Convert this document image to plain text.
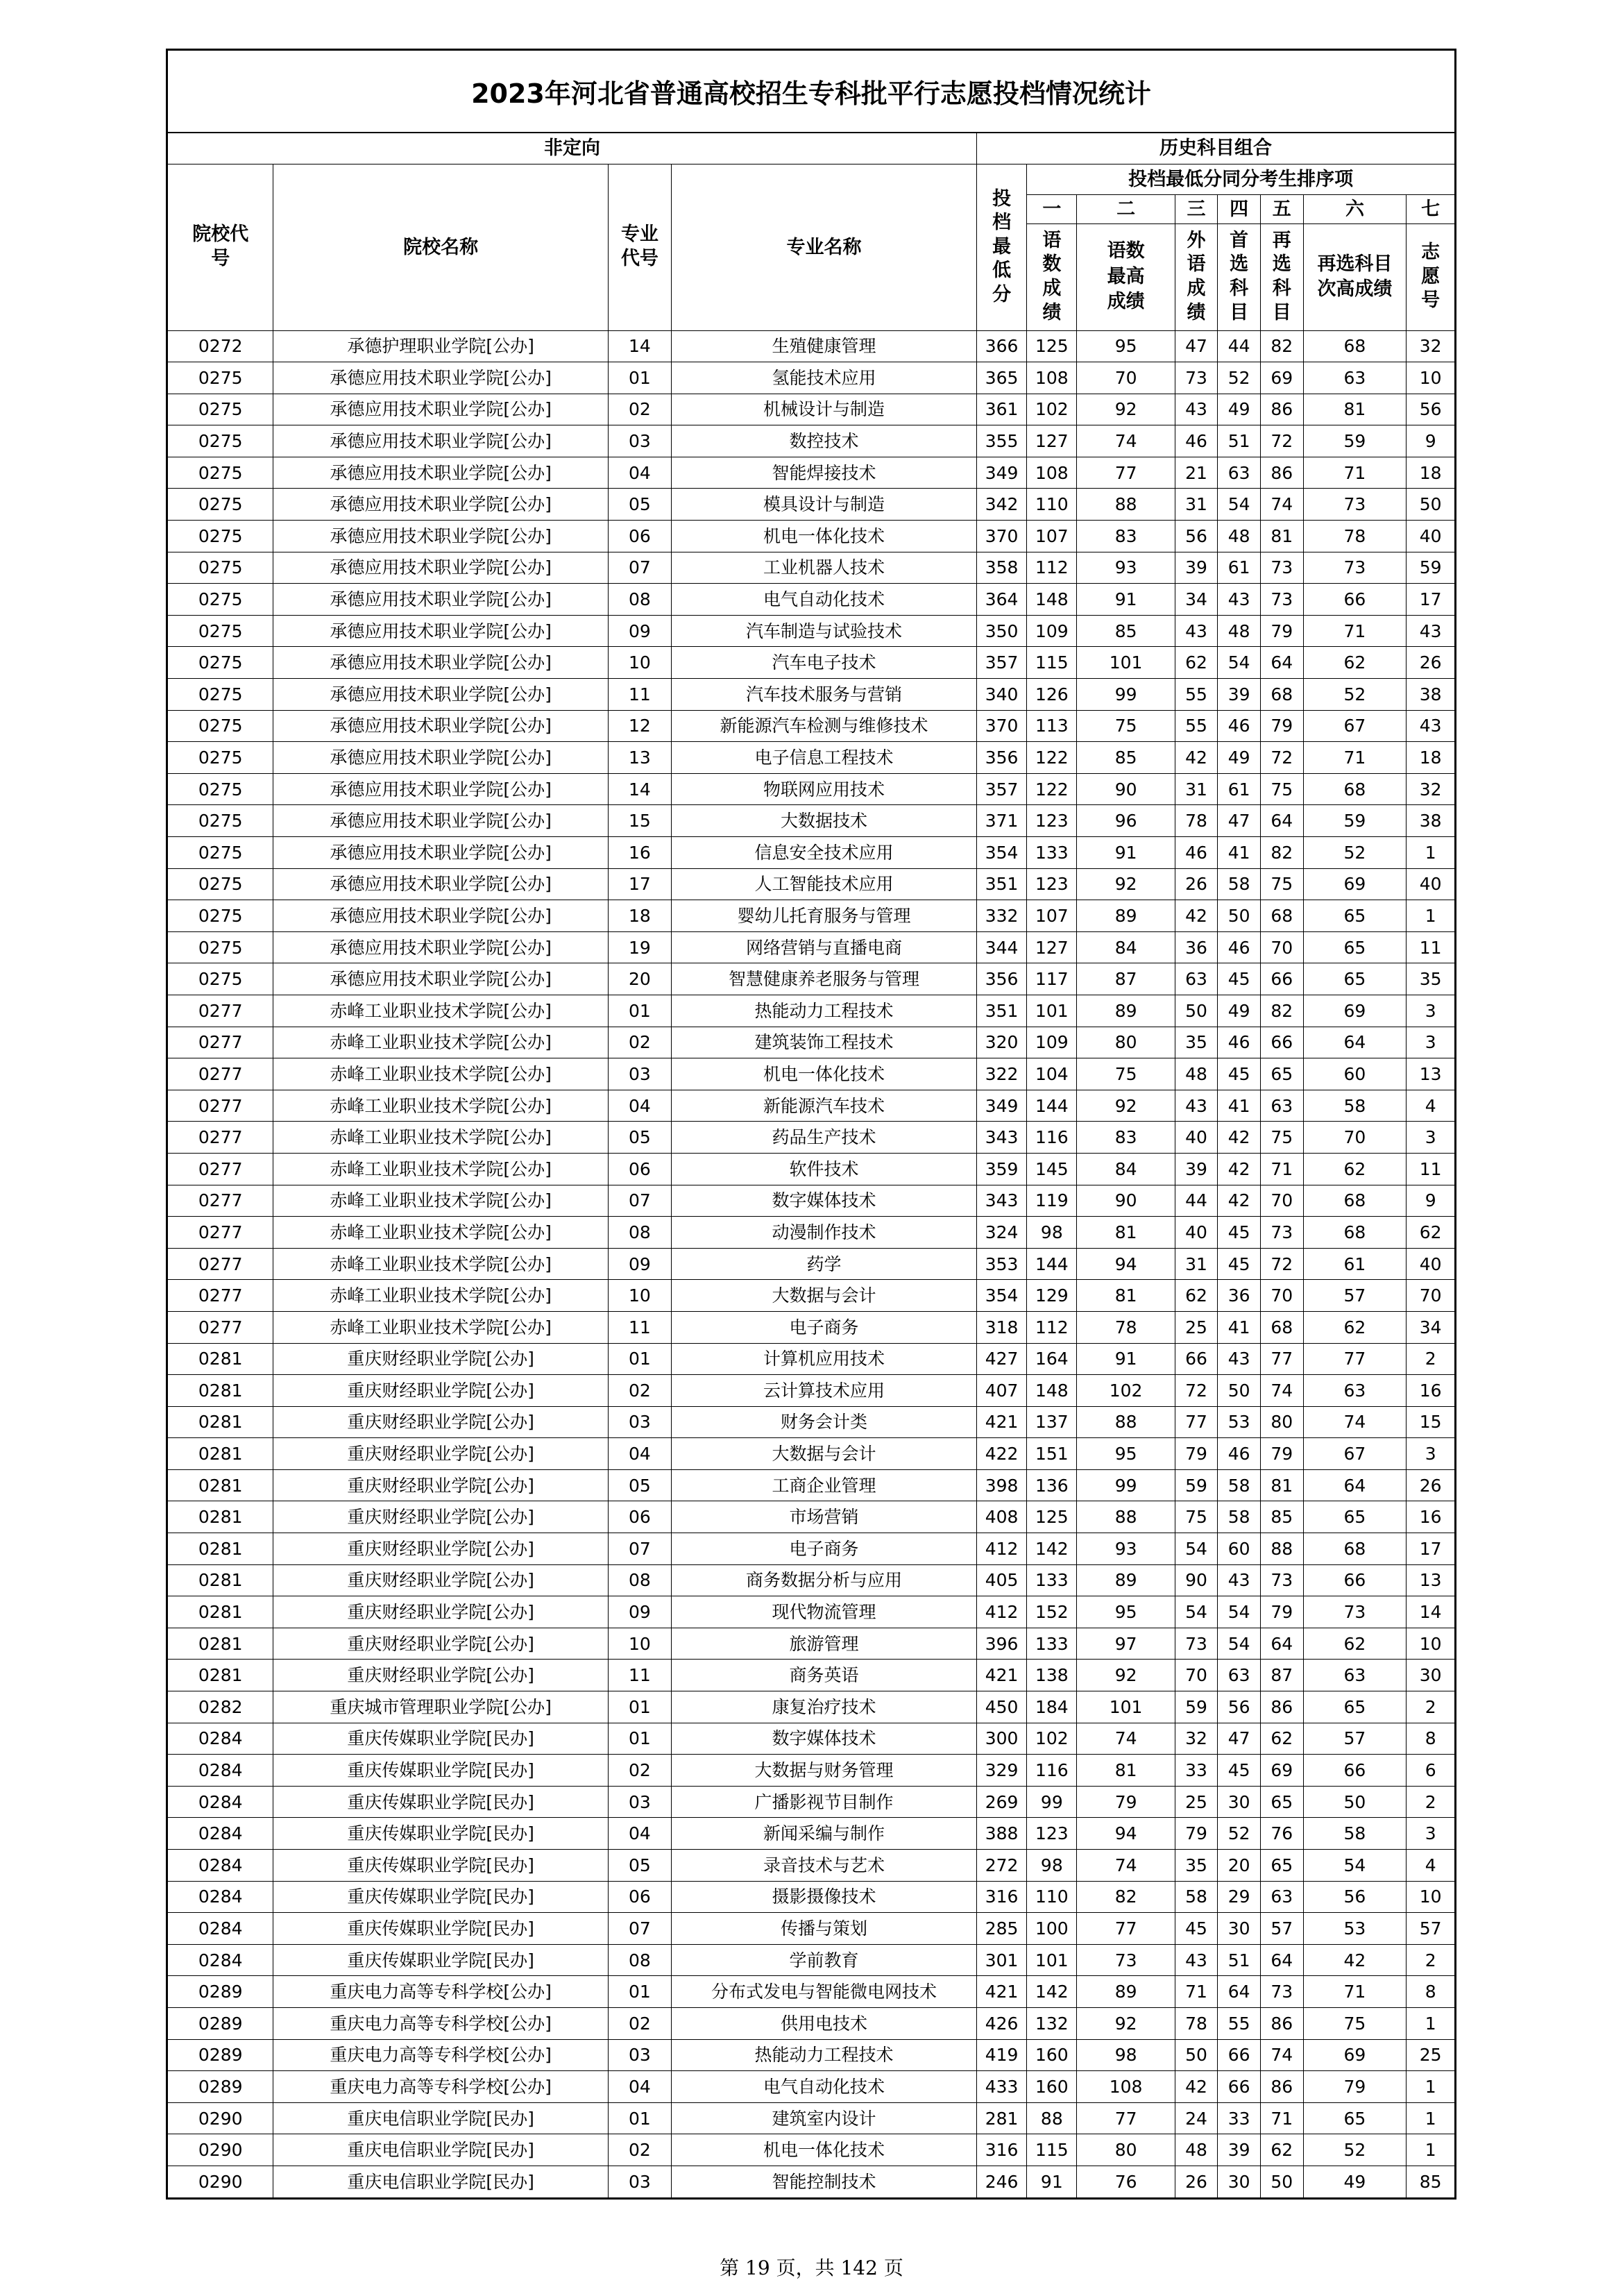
2023年河北省普通高校招生专科批平行志愿投档情况统计
非定向				历史科目组合							
院校代号	院校名称	专业代号	专业名称	投档最低分	投档最低分同分考生排序项						
					一	二	三	四	五	六	七
					语数成绩	语数最高成绩	外语成绩	首选科目	再选科目	再选科目次高成绩	志愿号
0272	承德护理职业学院[公办]	14	生殖健康管理	366	125	95	47	44	82	68	32
0275	承德应用技术职业学院[公办]	01	氢能技术应用	365	108	70	73	52	69	63	10
0275	承德应用技术职业学院[公办]	02	机械设计与制造	361	102	92	43	49	86	81	56
0275	承德应用技术职业学院[公办]	03	数控技术	355	127	74	46	51	72	59	9
0275	承德应用技术职业学院[公办]	04	智能焊接技术	349	108	77	21	63	86	71	18
0275	承德应用技术职业学院[公办]	05	模具设计与制造	342	110	88	31	54	74	73	50
0275	承德应用技术职业学院[公办]	06	机电一体化技术	370	107	83	56	48	81	78	40
0275	承德应用技术职业学院[公办]	07	工业机器人技术	358	112	93	39	61	73	73	59
0275	承德应用技术职业学院[公办]	08	电气自动化技术	364	148	91	34	43	73	66	17
0275	承德应用技术职业学院[公办]	09	汽车制造与试验技术	350	109	85	43	48	79	71	43
0275	承德应用技术职业学院[公办]	10	汽车电子技术	357	115	101	62	54	64	62	26
0275	承德应用技术职业学院[公办]	11	汽车技术服务与营销	340	126	99	55	39	68	52	38
0275	承德应用技术职业学院[公办]	12	新能源汽车检测与维修技术	370	113	75	55	46	79	67	43
0275	承德应用技术职业学院[公办]	13	电子信息工程技术	356	122	85	42	49	72	71	18
0275	承德应用技术职业学院[公办]	14	物联网应用技术	357	122	90	31	61	75	68	32
0275	承德应用技术职业学院[公办]	15	大数据技术	371	123	96	78	47	64	59	38
0275	承德应用技术职业学院[公办]	16	信息安全技术应用	354	133	91	46	41	82	52	1
0275	承德应用技术职业学院[公办]	17	人工智能技术应用	351	123	92	26	58	75	69	40
0275	承德应用技术职业学院[公办]	18	婴幼儿托育服务与管理	332	107	89	42	50	68	65	1
0275	承德应用技术职业学院[公办]	19	网络营销与直播电商	344	127	84	36	46	70	65	11
0275	承德应用技术职业学院[公办]	20	智慧健康养老服务与管理	356	117	87	63	45	66	65	35
0277	赤峰工业职业技术学院[公办]	01	热能动力工程技术	351	101	89	50	49	82	69	3
0277	赤峰工业职业技术学院[公办]	02	建筑装饰工程技术	320	109	80	35	46	66	64	3
0277	赤峰工业职业技术学院[公办]	03	机电一体化技术	322	104	75	48	45	65	60	13
0277	赤峰工业职业技术学院[公办]	04	新能源汽车技术	349	144	92	43	41	63	58	4
0277	赤峰工业职业技术学院[公办]	05	药品生产技术	343	116	83	40	42	75	70	3
0277	赤峰工业职业技术学院[公办]	06	软件技术	359	145	84	39	42	71	62	11
0277	赤峰工业职业技术学院[公办]	07	数字媒体技术	343	119	90	44	42	70	68	9
0277	赤峰工业职业技术学院[公办]	08	动漫制作技术	324	98	81	40	45	73	68	62
0277	赤峰工业职业技术学院[公办]	09	药学	353	144	94	31	45	72	61	40
0277	赤峰工业职业技术学院[公办]	10	大数据与会计	354	129	81	62	36	70	57	70
0277	赤峰工业职业技术学院[公办]	11	电子商务	318	112	78	25	41	68	62	34
0281	重庆财经职业学院[公办]	01	计算机应用技术	427	164	91	66	43	77	77	2
0281	重庆财经职业学院[公办]	02	云计算技术应用	407	148	102	72	50	74	63	16
0281	重庆财经职业学院[公办]	03	财务会计类	421	137	88	77	53	80	74	15
0281	重庆财经职业学院[公办]	04	大数据与会计	422	151	95	79	46	79	67	3
0281	重庆财经职业学院[公办]	05	工商企业管理	398	136	99	59	58	81	64	26
0281	重庆财经职业学院[公办]	06	市场营销	408	125	88	75	58	85	65	16
0281	重庆财经职业学院[公办]	07	电子商务	412	142	93	54	60	88	68	17
0281	重庆财经职业学院[公办]	08	商务数据分析与应用	405	133	89	90	43	73	66	13
0281	重庆财经职业学院[公办]	09	现代物流管理	412	152	95	54	54	79	73	14
0281	重庆财经职业学院[公办]	10	旅游管理	396	133	97	73	54	64	62	10
0281	重庆财经职业学院[公办]	11	商务英语	421	138	92	70	63	87	63	30
0282	重庆城市管理职业学院[公办]	01	康复治疗技术	450	184	101	59	56	86	65	2
0284	重庆传媒职业学院[民办]	01	数字媒体技术	300	102	74	32	47	62	57	8
0284	重庆传媒职业学院[民办]	02	大数据与财务管理	329	116	81	33	45	69	66	6
0284	重庆传媒职业学院[民办]	03	广播影视节目制作	269	99	79	25	30	65	50	2
0284	重庆传媒职业学院[民办]	04	新闻采编与制作	388	123	94	79	52	76	58	3
0284	重庆传媒职业学院[民办]	05	录音技术与艺术	272	98	74	35	20	65	54	4
0284	重庆传媒职业学院[民办]	06	摄影摄像技术	316	110	82	58	29	63	56	10
0284	重庆传媒职业学院[民办]	07	传播与策划	285	100	77	45	30	57	53	57
0284	重庆传媒职业学院[民办]	08	学前教育	301	101	73	43	51	64	42	2
0289	重庆电力高等专科学校[公办]	01	分布式发电与智能微电网技术	421	142	89	71	64	73	71	8
0289	重庆电力高等专科学校[公办]	02	供用电技术	426	132	92	78	55	86	75	1
0289	重庆电力高等专科学校[公办]	03	热能动力工程技术	419	160	98	50	66	74	69	25
0289	重庆电力高等专科学校[公办]	04	电气自动化技术	433	160	108	42	66	86	79	1
0290	重庆电信职业学院[民办]	01	建筑室内设计	281	88	77	24	33	71	65	1
0290	重庆电信职业学院[民办]	02	机电一体化技术	316	115	80	48	39	62	52	1
0290	重庆电信职业学院[民办]	03	智能控制技术	246	91	76	26	30	50	49	85
第 19 页，共 142 页
